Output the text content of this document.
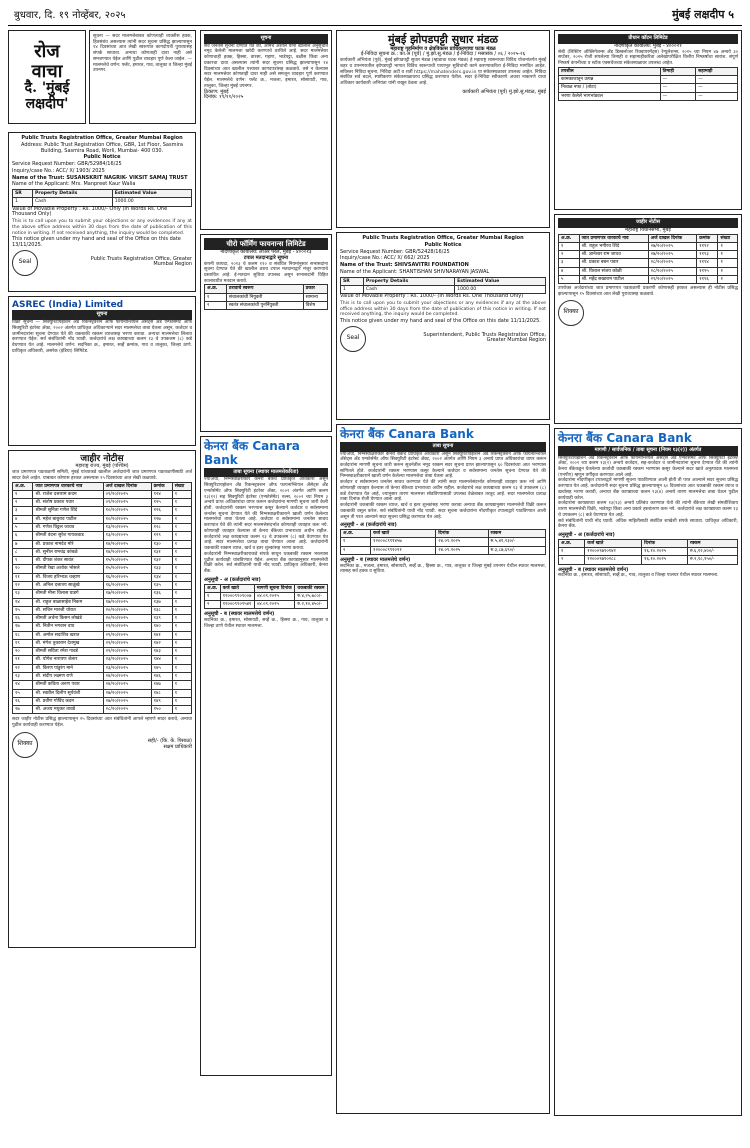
बुधवार, दि. १९ नोव्हेंबर, २०२५	मुंबई लक्षदीप ५
रोज
वाचा
दै. 'मुंबई
लक्षदीप'
सूचना — सदर मालमत्तेबाबत कोणत्याही व्यक्तीस हक्क, हितसंबंध असल्यास त्यांनी सदर सूचना प्रसिद्ध झाल्यापासून १४ दिवसांच्या आत लेखी स्वरूपात कागदोपत्री पुराव्यासह संपर्क साधावा. अन्यथा कोणताही दावा नाही असे समजण्यात येईल आणि पुढील व्यवहार पूर्ण केला जाईल. — मालमत्तेचे वर्णन: फ्लॅट, इमारत, गाव, तालुका व जिल्हा मुंबई उपनगर.

Public Trusts Registration Office, Greater Mumbai Region

Address: Public Trust Registration Office, GBR, 1st Floor, Sasmira Building, Sasmira Road, Worli, Mumbai- 400 030.

Public Notice

Service Request Number: GBR/52984/16/25

Inquiry/case No.: ACC/ X/ 1903/ 2025

Name of the Trust: SUSANSKRIT NAGRIK- VIKSIT SAMAJ TRUST

Name of the Applicant: Mrs. Manpreet Kaur Walia

SR	Property Details	Estimated Value
1	Cash	1000.00

Value of Movable Property : Rs. 1000/- Only (In Words Rs. One Thousand Only)

This is to call upon you to submit your objections or any evidences if any at the above office address within 30 days from the date of publication of this notice in writing. If not received anything, the inquiry would be completed.

This notice given under my hand and seal of the Office on this date 13/11/2025.

Seal	Public Trusts Registration Office, Greater Mumbai Region

ASREC (India) Limited
सूचना

विक्री सूचना — सिक्युरिटायझेशन अँड रिकन्स्ट्रक्शन ऑफ फायनान्शियल ॲसेट्स अँड एन्फोर्समेंट ऑफ सिक्युरिटी इंटरेस्ट ॲक्ट, २००२ अंतर्गत प्राधिकृत अधिकाऱ्याने सदर मालमत्तेचा ताबा घेतला असून, कर्जदार व जामीनदारांना सूचना देण्यात येते की थकबाकी रक्कम व्याजासह भरणा करावा. अन्यथा मालमत्तेचा लिलाव करण्यात येईल. सर्व संबंधितांनी नोंद घ्यावी. कर्जदारांचे लक्ष कायद्याच्या कलम १३ चे उपकलम (८) कडे वेधण्यात येत आहे. मालमत्तेचे वर्णन: सदनिका क्र., इमारत, सर्व्हे क्रमांक, गाव व तालुका, जिल्हा ठाणे. प्राधिकृत अधिकारी, असरेक (इंडिया) लिमिटेड.

जाहीर नोटीस

महाराष्ट्र राज्य, मुंबई (पश्चिम)

जात प्रमाणपत्र पडताळणी समिती, मुंबई यांच्याकडे खालील अर्जदारांनी जात प्रमाणपत्र पडताळणीसाठी अर्ज सादर केले आहेत. याबाबत कोणास हरकत असल्यास १५ दिवसांच्या आत लेखी कळवावे.

अ.क्र.	जात प्रमाणपत्र धारकाचे नाव	अर्ज दाखल दिनांक	क्रमांक	संख्या
१	श्री. राजेश दत्ताराम कदम	०९/१०/२०२५	१२४	१
२	श्री. संतोष प्रकाश पवार	०९/१०/२०२५	१२५	१
३	श्रीमती सुनिता गणेश शिंदे	१०/१०/२०२५	१२६	१
४	श्री. महेश बाबुराव पाटील	१०/१०/२०२५	१२७	१
५	श्री. गणेश विठ्ठल जाधव	१३/१०/२०२५	१२८	१
६	श्रीमती वंदना सुरेश गायकवाड	१३/१०/२०२५	१२९	१
७	श्री. प्रकाश नामदेव मोरे	१४/१०/२०२५	१३०	१
८	श्री. सुनील रामचंद्र कांबळे	१४/१०/२०२५	१३१	१
९	श्री. दीपक शंकर सावंत	१५/१०/२०२५	१३२	१
१०	श्रीमती रेखा अशोक भोसले	१५/१०/२०२५	१३३	१
११	श्री. विजय हरिभाऊ चव्हाण	१६/१०/२०२५	१३४	१
१२	श्री. अनिल दत्तात्रय साळुंखे	१६/१०/२०२५	१३५	१
१३	श्रीमती मीना विलास घाडगे	१७/१०/२०२५	१३६	१
१४	श्री. राहुल बाळासाहेब निकम	१७/१०/२०२५	१३७	१
१५	श्री. सचिन मारुती थोरात	२०/१०/२०२५	१३८	१
१६	श्रीमती अर्चना किसन लोखंडे	२०/१०/२०२५	१३९	१
१७	श्री. नितीन भगवान वाघ	२१/१०/२०२५	१४०	१
१८	श्री. अमोल सदाशिव खरात	२१/१०/२०२५	१४१	१
१९	श्री. मंगेश तुकाराम देशमुख	२२/१०/२०२५	१४२	१
२०	श्रीमती सविता रमेश गावडे	२२/१०/२०२५	१४३	१
२१	श्री. योगेश नारायण शेलार	२३/१०/२०२५	१४४	१
२२	श्री. किरण पांडुरंग माने	२३/१०/२०२५	१४५	१
२३	श्री. संदीप लक्ष्मण राणे	२४/१०/२०२५	१४६	१
२४	श्रीमती कविता अरुण पवार	२४/१०/२०२५	१४७	१
२५	श्री. स्वप्नील दिलीप सूर्यवंशी	२७/१०/२०२५	१४८	१
२६	श्री. प्रवीण गोविंद कदम	२७/१०/२०२५	१४९	१
२७	श्री. अजय मधुकर तावडे	२८/१०/२०२५	१५०	१

सदर जाहीर नोटीस प्रसिद्ध झाल्यापासून १५ दिवसांच्या आत संबंधितांनी आपले म्हणणे सादर करावे, अन्यथा पुढील कार्यवाही करण्यात येईल.

शिक्का	सही/- (कि. के. पिसाळ)

सक्षम प्राधिकारी

सूचना

सर्व जनतेस सूचना देण्यात येते की, आमचे अशील यांनी खालील अनुसूचीत नमूद केलेली मालमत्ता खरेदी करण्याचे ठरविले आहे. सदर मालमत्तेवर कोणाचाही हक्क, हिस्सा, वारसा, गहाण, भाडेपट्टा, बक्षीस किंवा अन्य प्रकारचा दावा असल्यास त्यांनी सदर सूचना प्रसिद्ध झाल्यापासून १४ दिवसांच्या आत खालील पत्त्यावर कागदपत्रांसह कळवावे. तसे न केल्यास सदर मालमत्तेवर कोणताही दावा नाही असे समजून व्यवहार पूर्ण करण्यात येईल. मालमत्तेचे वर्णन: फ्लॅट क्र., मजला, इमारत, सोसायटी, गाव, तालुका, जिल्हा मुंबई उपनगर.

ठिकाण: मुंबई

दिनांक: १९/११/२०२५

चीरो फॉर्मिंग फायनान्स लिमिटेड

नोंदणीकृत कार्यालय: लोअर परेल, मुंबई - ४०००१३

टपाल मतदानाद्वारे सूचना

कंपनी कायदा, २०१३ चे कलम ११० व संबंधित नियमांनुसार सभासदांना सूचना देण्यात येते की खालील ठराव टपाल मतदानाद्वारे मंजूर करण्याचे प्रस्तावित आहे. ई-मतदान सुविधा उपलब्ध असून सभासदांनी विहित कालावधीत मतदान करावे.

अ.क्र.	ठरावाचे स्वरूप	प्रकार
१	संचालकांची नियुक्ती	सामान्य
२	स्वतंत्र संचालकांची पुनर्नियुक्ती	विशेष
केनरा बैंक Canara Bank
ताबा सूचना (स्थावर मालमत्तेकरिता)

ज्याअर्थी, निम्नस्वाक्षरीकार केनरा बँकेचे प्राधिकृत अधिकारी असून सिक्युरिटायझेशन अँड रिकन्स्ट्रक्शन ऑफ फायनान्शियल ॲसेट्स अँड एन्फोर्समेंट ऑफ सिक्युरिटी इंटरेस्ट ॲक्ट, २००२ अंतर्गत आणि कलम १३(१२) सह सिक्युरिटी इंटरेस्ट (एन्फोर्समेंट) रुल्स, २००२ च्या नियम ३ अन्वये प्राप्त अधिकारांचा वापर करून कर्जदारांना मागणी सूचना जारी केली होती. कर्जदारांनी रक्कम भरण्यास कसूर केल्याने कर्जदार व सर्वसामान्य जनतेस सूचना देण्यात येते की निम्नस्वाक्षरीकाराने खाली वर्णन केलेल्या मालमत्तेचा ताबा घेतला आहे. कर्जदार व सर्वसामान्य जनतेस सावध करण्यात येते की त्यांनी सदर मालमत्तेसंदर्भात कोणताही व्यवहार करू नये. कोणताही व्यवहार केल्यास तो केनरा बँकेच्या प्रभाराच्या अधीन राहील. कर्जदारांचे लक्ष कायद्याच्या कलम १३ चे उपकलम (८) कडे वेधण्यात येत आहे. सदर मालमत्तेचा प्रत्यक्ष ताबा घेण्यात आला आहे. कर्जदारांनी थकबाकी रक्कम व्याज, खर्च व इतर शुल्कांसह भरणा करावा.

कर्जदारांनी निम्नस्वाक्षरीकाराकडे संपर्क साधून थकबाकी रक्कम भरल्यास पुढील कार्यवाही थांबविण्यात येईल. अन्यथा बँक कायद्यानुसार मालमत्तेची विक्री करेल. सर्व संबंधितांनी याची नोंद घ्यावी. प्राधिकृत अधिकारी, केनरा बँक.

अनुसूची - अ (कर्जदारांचे नाव)

अ.क्र.	कर्ज खाते	मागणी सूचना दिनांक	थकबाकी रक्कम
१	१२०००९९०९००७	०४.०९.२०२५	रु.४,२५,७८०/-
२	१२०००९९०९५४१	०४.०९.२०२५	रु.२,१०,४५०/-

अनुसूची - ब (स्थावर मालमत्तेचे वर्णन)

सदनिका क्र., इमारत, सोसायटी, सर्व्हे क्र., हिस्सा क्र., गाव, तालुका व जिल्हा ठाणे येथील स्थावर मालमत्ता.

मुंबई झोपडपट्टी सुधार मंडळ

महाराष्ट्र गृहनिर्माण व क्षेत्रविकास प्राधिकरणाचा घटक मंडळ

ई-निविदा सूचना क्र.: का.अ (पूर्व) / मुं.झो.सु.मंडळ / ई-निविदा / मसासंक / ०६ / २०२५-२६

कार्यकारी अभियंता (पूर्व), मुंबई झोपडपट्टी सुधार मंडळ (म्हाडाचा घटक मंडळ) हे महाराष्ट्र शासनाच्या विविध योजनांतर्गत मुंबई शहर व उपनगरातील झोपडपट्टी भागात विविध स्वरूपाची पायाभूत सुविधांची कामे करण्याकरिता ई-निविदा मागवित आहेत. सविस्तर निविदा सूचना, निविदा अटी व शर्ती https://mahatenders.gov.in या संकेतस्थळावर उपलब्ध आहेत. निविदा संबंधित सर्व बदल, स्पष्टीकरण संकेतस्थळावरच प्रसिद्ध करण्यात येतील. सदर ई-निविदा स्वीकारणे अथवा नाकारणे याचा अधिकार कार्यकारी अभियंता यांनी राखून ठेवला आहे.

कार्यकारी अभियंता (पूर्व) मुं.झो.सु.मंडळ, मुंबई

Public Trusts Registration Office, Greater Mumbai Region

Public Notice

Service Request Number: GBR/52428/16/25

Inquiry/case No.: ACC/ X/ 662/ 2025

Name of the Trust: SHIVSAVITRI FOUNDATION

Name of the Applicant: SHANTISHAN SHIVNARAYAN JASWAL

SR	Property Details	Estimated Value
1	Cash	1000.00

Value of Movable Property : Rs. 1000/- (In Words Rs. One Thousand Only)

This is to call upon you to submit your objections or any evidences if any at the above office address within 30 days from the date of publication of this notice in writing. If not received anything, the inquiry would be completed.

This notice given under my hand and seal of the Office on this date 11/11/2025.

Seal	Superintendent, Public Trusts Registration Office, Greater Mumbai Region

केनरा बैंक Canara Bank
ताबा सूचना

ज्याअर्थी, निम्नस्वाक्षरीकार केनरा बँकेचे प्राधिकृत अधिकारी असून सिक्युरिटायझेशन अँड रिकन्स्ट्रक्शन ऑफ फायनान्शियल ॲसेट्स अँड एन्फोर्समेंट ऑफ सिक्युरिटी इंटरेस्ट ॲक्ट, २००२ अंतर्गत आणि नियम ३ अन्वये प्राप्त अधिकारांचा वापर करून कर्जदारांना मागणी सूचना जारी करून सूचनेतील नमूद रक्कम सदर सूचना प्राप्त झाल्यापासून ६० दिवसांच्या आत भरण्यास सांगितले होते. कर्जदारांनी रक्कम भरण्यास कसूर केल्याने कर्जदार व सर्वसामान्य जनतेस सूचना देण्यात येते की निम्नस्वाक्षरीकाराने खाली वर्णन केलेल्या मालमत्तेचा ताबा घेतला आहे.

कर्जदार व सर्वसामान्य जनतेस सावध करण्यात येते की त्यांनी सदर मालमत्तेसंदर्भात कोणताही व्यवहार करू नये आणि कोणताही व्यवहार केल्यास तो केनरा बँकेच्या प्रभाराच्या अधीन राहील. कर्जदारांचे लक्ष कायद्याच्या कलम १३ चे उपकलम (८) कडे वेधण्यात येत आहे, ज्यानुसार तारण मालमत्ता सोडविण्यासाठी उपलब्ध वेळेबाबत तरतूद आहे. सदर मालमत्तेचा प्रत्यक्ष ताबा दिनांक रोजी घेण्यात आला आहे.

कर्जदारांनी थकबाकी रक्कम व्याज, खर्च व इतर शुल्कांसह भरणा करावा अन्यथा बँक कायद्यानुसार मालमत्तेची विक्री करून थकबाकी वसूल करेल. सर्व संबंधितांनी याची नोंद घ्यावी. सदर सूचना कर्जदारांना नोंदणीकृत टपालाद्वारे पाठविण्यात आली असून ती परत आल्याने सदर सूचना प्रसिद्ध करण्यात येत आहे.

अनुसूची - अ (कर्जदारांचे नाव)

अ.क्र.	कर्ज खाते	दिनांक	रक्कम
१	१२०००८९९१४५७	२४.०९.२०२५	रु.५,४१,२३०/-
२	१२०००८९९२०११	२४.०९.२०२५	रु.३,८७,६९०/-

अनुसूची - ब (स्थावर मालमत्तेचे वर्णन)

सदनिका क्र., मजला, इमारत, सोसायटी, सर्व्हे क्र., हिस्सा क्र., गाव, तालुका व जिल्हा मुंबई उपनगर येथील स्थावर मालमत्ता, त्यासह सर्व हक्क व सुविधा.

प्रीधान कॉटन लिमिटेड

नोंदणीकृत कार्यालय: मुंबई - ४०००२१

सेबी (लिस्टिंग ऑब्लिगेशन्स अँड डिस्क्लोजर रिक्वायरमेंट्स) रेग्युलेशन्स, २०१५ च्या नियम ४७ अन्वये ३० सप्टेंबर, २०२५ रोजी संपलेल्या तिमाही व सहामाहीकरिता अलेखापरीक्षित वित्तीय निष्कर्षांचा सारांश. संपूर्ण निष्कर्ष कंपनीच्या व स्टॉक एक्सचेंजच्या संकेतस्थळावर उपलब्ध आहेत.

तपशील	तिमाही	सहामाही
कामकाजातून उत्पन्न	—	—
निव्वळ नफा / (तोटा)	—	—
भरणा केलेले भागभांडवल	—	—
जाहीर नोटीस

महाराष्ट्र विधानसभा, मुंबई

अ.क्र.	जात प्रमाणपत्र धारकाचे नाव	अर्ज दाखल दिनांक	क्रमांक	संख्या
१	श्री. राहुल भगीरथ शिंदे	२७/१०/२०२५	११९२	१
२	श्री. ज्ञानेश्वर राम जाधव	२७/१०/२०२५	११९३	१
३	श्री. प्रकाश बबन पवार	२८/१०/२०२५	११९४	१
४	श्री. विशाल संजय कोळी	२८/१०/२०२५	११९५	१
५	श्री. महेंद्र सखाराम पाटील	२९/१०/२०२५	११९६	१

उपरोक्त अर्जदारांच्या जात प्रमाणपत्र पडताळणी प्रकरणी कोणासही हरकत असल्यास ही नोटीस प्रसिद्ध झाल्यापासून १५ दिवसांच्या आत लेखी पुराव्यासह कळवावे.

शिक्का
केनरा बैंक Canara Bank
मागणी / सार्वजनिक / ताबा सूचना (नियम १३(२)) अंतर्गत

सिक्युरिटायझेशन अँड रिकन्स्ट्रक्शन ऑफ फायनान्शियल ॲसेट्स अँड एन्फोर्समेंट ऑफ सिक्युरिटी इंटरेस्ट ॲक्ट, २००२ च्या कलम १३(२) अन्वये कर्जदार, सह-कर्जदार व जामीनदारांना सूचना देण्यात येते की त्यांनी केनरा बँकेकडून घेतलेल्या कर्जाची थकबाकी रक्कम भरण्यास कसूर केल्याने सदर खाते अनुत्पादक मालमत्ता (एनपीए) म्हणून वर्गीकृत करण्यात आले आहे.

कर्जदारांना नोंदणीकृत टपालाद्वारे मागणी सूचना पाठविण्यात आली होती ती परत आल्याने सदर सूचना प्रसिद्ध करण्यात येत आहे. कर्जदारांनी सदर सूचना प्रसिद्ध झाल्यापासून ६० दिवसांच्या आत थकबाकी रक्कम व्याज व खर्चासह भरणा करावी, अन्यथा बँक कायद्याच्या कलम १३(४) अन्वये तारण मालमत्तेचा ताबा घेऊन पुढील कार्यवाही करेल.

कर्जदारांना कायद्याच्या कलम १३(१३) अन्वये प्रतिबंध करण्यात येतो की त्यांनी बँकेच्या लेखी संमतीशिवाय तारण मालमत्तेची विक्री, भाडेपट्टा किंवा अन्य प्रकारे हस्तांतरण करू नये. कर्जदारांचे लक्ष कायद्याच्या कलम १३ चे उपकलम (८) कडे वेधण्यात येत आहे.

सर्व संबंधितांनी याची नोंद घ्यावी. अधिक माहितीसाठी संबंधित शाखेशी संपर्क साधावा. प्राधिकृत अधिकारी, केनरा बँक.

अनुसूची - अ (कर्जदारांचे नाव)

अ.क्र.	कर्ज खाते	दिनांक	रक्कम
१	१२०००९७९०१४२	१६.१०.२०२५	रु.६,१२,४००/-
२	१२०००९७९०२८८	१६.१०.२०२५	रु.२,९८,१५०/-

अनुसूची - ब (स्थावर मालमत्तेचे वर्णन)

सदनिका क्र., इमारत, सोसायटी, सर्व्हे क्र., गाव, तालुका व जिल्हा पालघर येथील स्थावर मालमत्ता.
